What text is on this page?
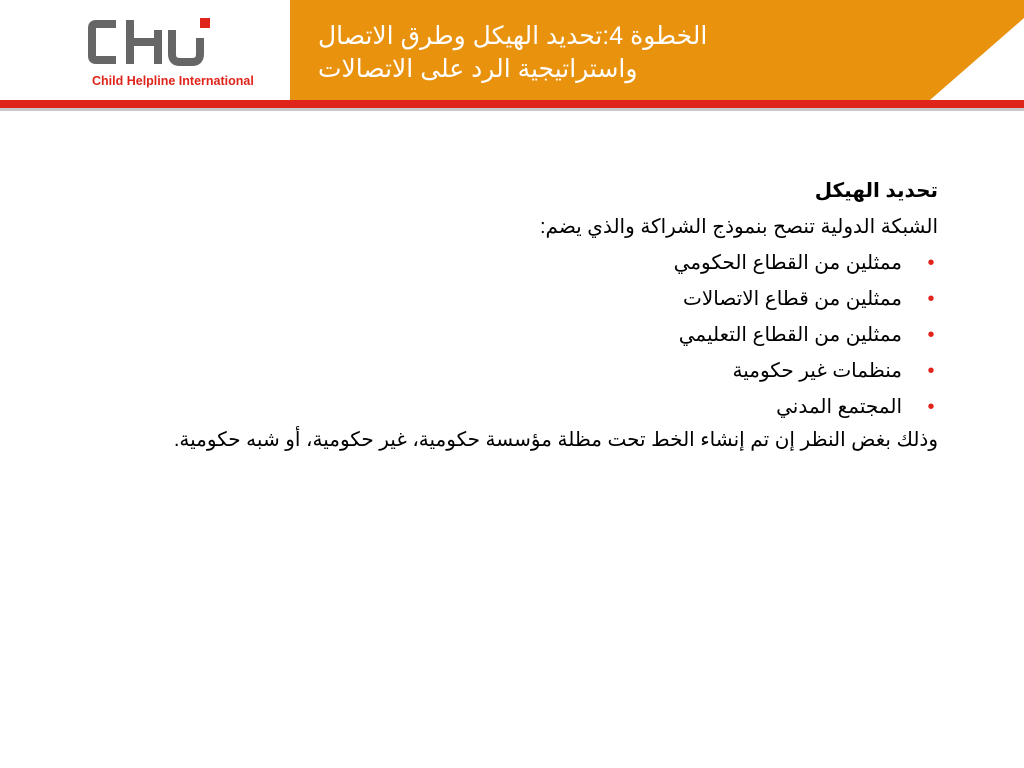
Child Helpline International
الخطوة 4:تحديد الهيكل وطرق الاتصال
واستراتيجية الرد على الاتصالات
تحديد الهيكل
الشبكة الدولية تنصح بنموذج الشراكة والذي يضم:
•
ممثلين من القطاع الحكومي
•
ممثلين من قطاع الاتصالات
•
ممثلين من القطاع التعليمي
•
منظمات غير حكومية
•
المجتمع المدني
وذلك بغض النظر إن تم إنشاء الخط تحت مظلة مؤسسة حكومية، غير حكومية، أو شبه حكومية.
